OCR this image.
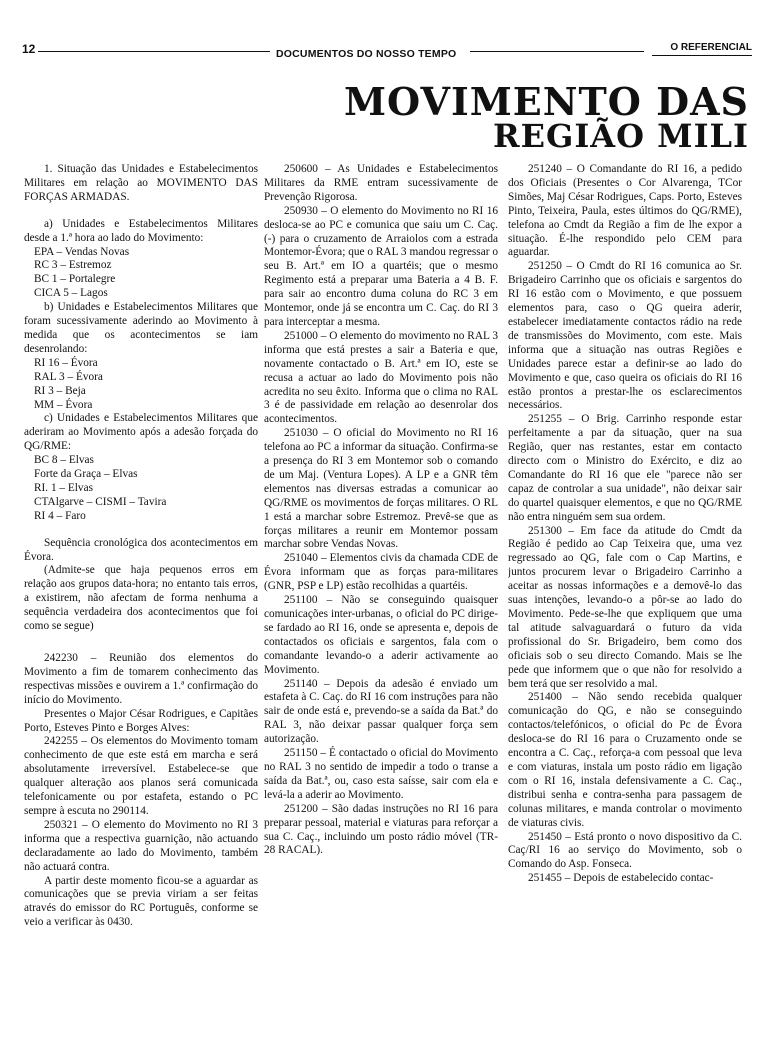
12	DOCUMENTOS DO NOSSO TEMPO
O REFERENCIAL
MOVIMENTO DAS
REGIÃO MILI

1. Situação das Unidades e Estabelecimentos Militares em relação ao MOVIMENTO DAS FORÇAS ARMADAS.

a) Unidades e Estabelecimentos Militares desde a 1.ª hora ao lado do Movimento:

EPA – Vendas Novas

RC 3 – Estremoz

BC 1 – Portalegre

CICA 5 – Lagos

b) Unidades e Estabelecimentos Militares que foram sucessivamente aderindo ao Movimento à medida que os acontecimentos se iam desenrolando:

RI 16 – Évora

RAL 3 – Évora

RI 3 – Beja

MM – Évora

c) Unidades e Estabelecimentos Militares que aderiram ao Movimento após a adesão forçada do QG/RME:

BC 8 – Elvas

Forte da Graça – Elvas

RI. 1 – Elvas

CTAlgarve – CISMI – Tavira

RI 4 – Faro

Sequência cronológica dos acontecimentos em Évora.

(Admite-se que haja pequenos erros em relação aos grupos data-hora; no entanto tais erros, a existirem, não afectam de forma nenhuma a sequência verdadeira dos acontecimentos que foi como se segue)

242230 – Reunião dos elementos do Movimento a fim de tomarem conhecimento das respectivas missões e ouvirem a 1.ª confirmação do início do Movimento.

Presentes o Major César Rodrigues, e Capitães Porto, Esteves Pinto e Borges Alves:

242255 – Os elementos do Movimento tomam conhecimento de que este está em marcha e será absolutamente irreversível. Estabelece-se que qualquer alteração aos planos será comunicada telefonicamente ou por estafeta, estando o PC sempre à escuta no 290114.

250321 – O elemento do Movimento no RI 3 informa que a respectiva guarnição, não actuando declaradamente ao lado do Movimento, também não actuará contra.

A partir deste momento ficou-se a aguardar as comunicações que se previa viriam a ser feitas através do emissor do RC Português, conforme se veio a verificar às 0430.

250600 – As Unidades e Estabelecimentos Militares da RME entram sucessivamente de Prevenção Rigorosa.

250930 – O elemento do Movimento no RI 16 desloca-se ao PC e comunica que saiu um C. Caç. (-) para o cruzamento de Arraiolos com a estrada Montemor-Évora; que o RAL 3 mandou regressar o seu B. Art.ª em IO a quartéis; que o mesmo Regimento está a preparar uma Bateria a 4 B. F. para sair ao encontro duma coluna do RC 3 em Montemor, onde já se encontra um C. Caç. do RI 3 para interceptar a mesma.

251000 – O elemento do movimento no RAL 3 informa que está prestes a sair a Bateria e que, novamente contactado o B. Art.ª em IO, este se recusa a actuar ao lado do Movimento pois não acredita no seu êxito. Informa que o clima no RAL 3 é de passividade em relação ao desenrolar dos acontecimentos.

251030 – O oficial do Movimento no RI 16 telefona ao PC a informar da situação. Confirma-se a presença do RI 3 em Montemor sob o comando de um Maj. (Ventura Lopes). A LP e a GNR têm elementos nas diversas estradas a comunicar ao QG/RME os movimentos de forças militares. O RL 1 está a marchar sobre Estremoz. Prevê-se que as forças militares a reunir em Montemor possam marchar sobre Vendas Novas.

251040 – Elementos civis da chamada CDE de Évora informam que as forças para-militares (GNR, PSP e LP) estão recolhidas a quartéis.

251100 – Não se conseguindo quaisquer comunicações inter-urbanas, o oficial do PC dirige-se fardado ao RI 16, onde se apresenta e, depois de contactados os oficiais e sargentos, fala com o comandante levando-o a aderir activamente ao Movimento.

251140 – Depois da adesão é enviado um estafeta à C. Caç. do RI 16 com instruções para não sair de onde está e, prevendo-se a saída da Bat.ª do RAL 3, não deixar passar qualquer força sem autorização.

251150 – É contactado o oficial do Movimento no RAL 3 no sentido de impedir a todo o transe a saída da Bat.ª, ou, caso esta saísse, sair com ela e levá-la a aderir ao Movimento.

251200 – São dadas instruções no RI 16 para preparar pessoal, material e viaturas para reforçar a sua C. Caç., incluindo um posto rádio móvel (TR-28 RACAL).

251240 – O Comandante do RI 16, a pedido dos Oficiais (Presentes o Cor Alvarenga, TCor Simões, Maj César Rodrigues, Caps. Porto, Esteves Pinto, Teixeira, Paula, estes últimos do QG/RME), telefona ao Cmdt da Região a fim de lhe expor a situação. É-lhe respondido pelo CEM para aguardar.

251250 – O Cmdt do RI 16 comunica ao Sr. Brigadeiro Carrinho que os oficiais e sargentos do RI 16 estão com o Movimento, e que possuem elementos para, caso o QG queira aderir, estabelecer imediatamente contactos rádio na rede de transmissões do Movimento, com este. Mais informa que a situação nas outras Regiões e Unidades parece estar a definir-se ao lado do Movimento e que, caso queira os oficiais do RI 16 estão prontos a prestar-lhe os esclarecimentos necessários.

251255 – O Brig. Carrinho responde estar perfeitamente a par da situação, quer na sua Região, quer nas restantes, estar em contacto directo com o Ministro do Exército, e diz ao Comandante do RI 16 que ele "parece não ser capaz de controlar a sua unidade", não deixar sair do quartel quaisquer elementos, e que no QG/RME não entra ninguém sem sua ordem.

251300 – Em face da atitude do Cmdt da Região é pedido ao Cap Teixeira que, uma vez regressado ao QG, fale com o Cap Martins, e juntos procurem levar o Brigadeiro Carrinho a aceitar as nossas informações e a demovê-lo das suas intenções, levando-o a pôr-se ao lado do Movimento. Pede-se-lhe que expliquem que uma tal atitude salvaguardará o futuro da vida profissional do Sr. Brigadeiro, bem como dos oficiais sob o seu directo Comando. Mais se lhe pede que informem que o que não for resolvido a bem terá que ser resolvido a mal.

251400 – Não sendo recebida qualquer comunicação do QG, e não se conseguindo contactos/telefónicos, o oficial do Pc de Évora desloca-se do RI 16 para o Cruzamento onde se encontra a C. Caç., reforça-a com pessoal que leva e com viaturas, instala um posto rádio em ligação com o RI 16, instala defensivamente a C. Caç., distribui senha e contra-senha para passagem de colunas militares, e manda controlar o movimento de viaturas civis.

251450 – Está pronto o novo dispositivo da C. Caç/RI 16 ao serviço do Movimento, sob o Comando do Asp. Fonseca.

251455 – Depois de estabelecido contac-
